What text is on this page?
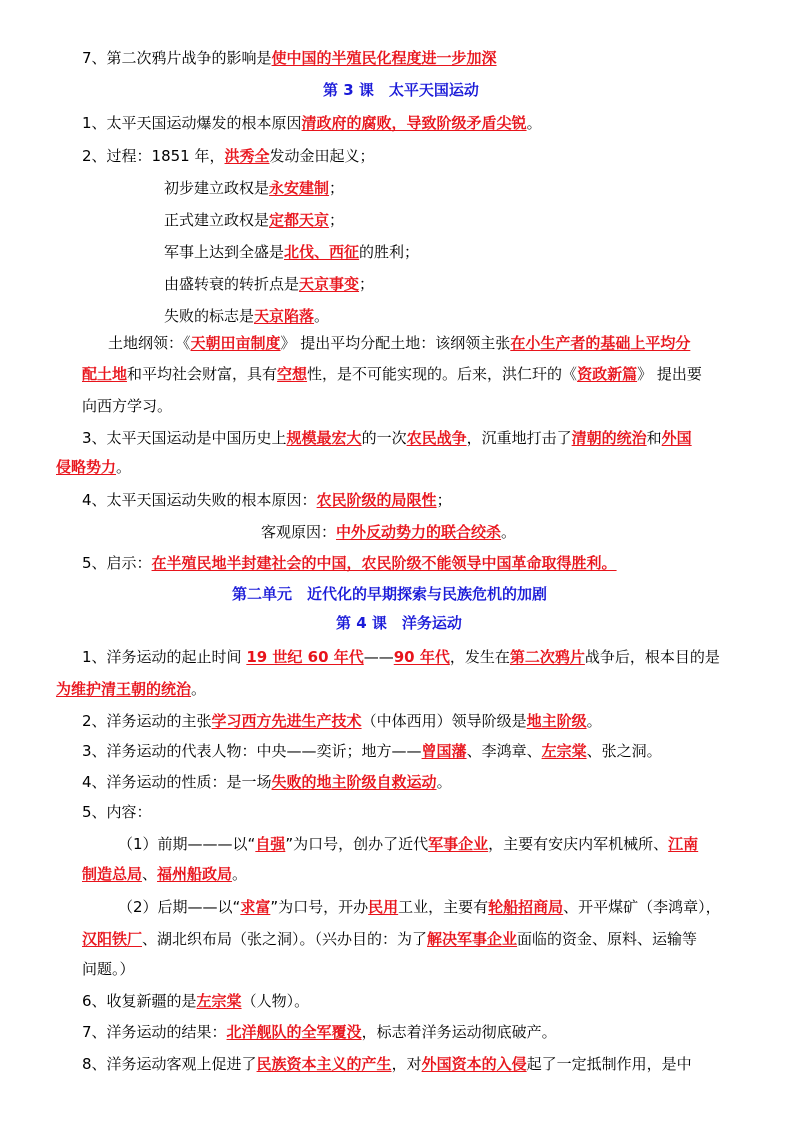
7、第二次鸦片战争的影响是使中国的半殖民化程度进一步加深
第 3 课　太平天国运动
1、太平天国运动爆发的根本原因清政府的腐败，导致阶级矛盾尖锐。
2、过程：1851 年，洪秀全发动金田起义；
初步建立政权是永安建制；
正式建立政权是定都天京；
军事上达到全盛是北伐、西征的胜利；
由盛转衰的转折点是天京事变；
失败的标志是天京陷落。
土地纲领：《天朝田亩制度》 提出平均分配土地：该纲领主张在小生产者的基础上平均分
配土地和平均社会财富，具有空想性，是不可能实现的。后来，洪仁玕的《资政新篇》 提出要
向西方学习。
3、太平天国运动是中国历史上规模最宏大的一次农民战争，沉重地打击了清朝的统治和外国
侵略势力。
4、太平天国运动失败的根本原因：农民阶级的局限性；
客观原因：中外反动势力的联合绞杀。
5、启示：在半殖民地半封建社会的中国，农民阶级不能领导中国革命取得胜利。
第二单元　近代化的早期探索与民族危机的加剧
第 4 课　洋务运动
1、洋务运动的起止时间 19 世纪 60 年代——90 年代，发生在第二次鸦片战争后，根本目的是
为维护清王朝的统治。
2、洋务运动的主张学习西方先进生产技术（中体西用）领导阶级是地主阶级。
3、洋务运动的代表人物：中央——奕䜣；地方——曾国藩、李鸿章、左宗棠、张之洞。
4、洋务运动的性质：是一场失败的地主阶级自救运动。
5、内容：
（1）前期———以“自强”为口号，创办了近代军事企业，主要有安庆内军机械所、江南
制造总局、福州船政局。
（2）后期——以“求富”为口号，开办民用工业，主要有轮船招商局、开平煤矿（李鸿章），
汉阳铁厂、湖北织布局（张之洞）。（兴办目的：为了解决军事企业面临的资金、原料、运输等
问题。）
6、收复新疆的是左宗棠（人物）。
7、洋务运动的结果：北洋舰队的全军覆没，标志着洋务运动彻底破产。
8、洋务运动客观上促进了民族资本主义的产生，对外国资本的入侵起了一定抵制作用，是中
